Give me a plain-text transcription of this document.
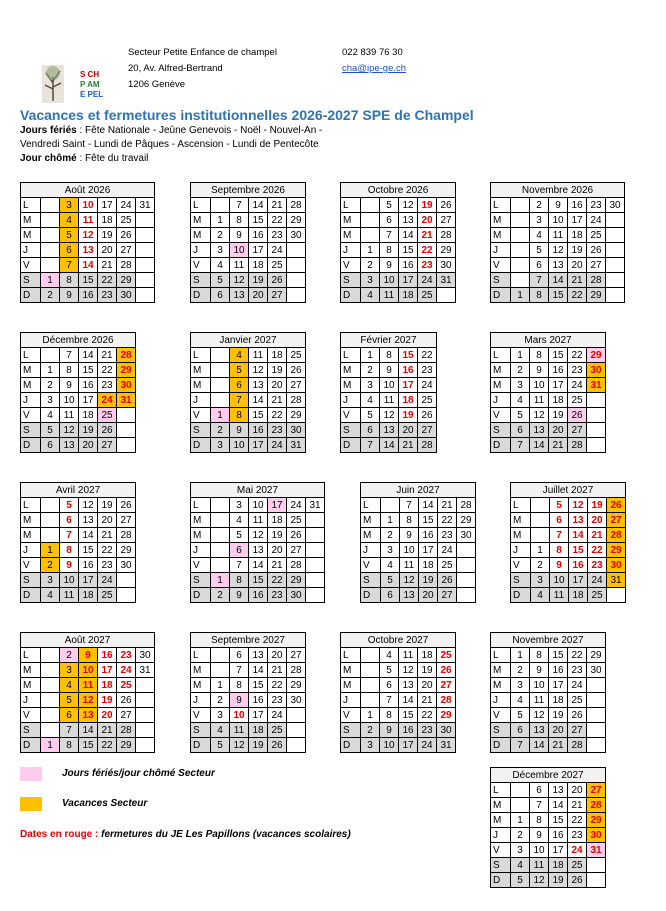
S CH
P AM
E PEL
Secteur Petite Enfance de champel
20, Av. Alfred-Bertrand
1206 Genève
022 839 76 30
cha@ipe-ge.ch
Vacances et fermetures institutionnelles 2026-2027 SPE de Champel
Jours fériés : Fête Nationale - Jeûne Genevois - Noël - Nouvel-An -
Vendredi Saint - Lundi de Pâques - Ascension - Lundi de Pentecôte
Jour chômé : Fête du travail
Août 2026						
L		3	10	17	24	31
M		4	11	18	25	
M		5	12	19	26	
J		6	13	20	27	
V		7	14	21	28	
S	1	8	15	22	29	
D	2	9	16	23	30	
Septembre 2026					
L		7	14	21	28
M	1	8	15	22	29
M	2	9	16	23	30
J	3	10	17	24	
V	4	11	18	25	
S	5	12	19	26	
D	6	13	20	27	
Octobre 2026					
L		5	12	19	26
M		6	13	20	27
M		7	14	21	28
J	1	8	15	22	29
V	2	9	16	23	30
S	3	10	17	24	31
D	4	11	18	25	
Novembre 2026						
L		2	9	16	23	30
M		3	10	17	24	
M		4	11	18	25	
J		5	12	19	26	
V		6	13	20	27	
S		7	14	21	28	
D	1	8	15	22	29	
Décembre 2026					
L		7	14	21	28
M	1	8	15	22	29
M	2	9	16	23	30
J	3	10	17	24	31
V	4	11	18	25	
S	5	12	19	26	
D	6	13	20	27	
Janvier 2027					
L		4	11	18	25
M		5	12	19	26
M		6	13	20	27
J		7	14	21	28
V	1	8	15	22	29
S	2	9	16	23	30
D	3	10	17	24	31
Février 2027				
L	1	8	15	22
M	2	9	16	23
M	3	10	17	24
J	4	11	18	25
V	5	12	19	26
S	6	13	20	27
D	7	14	21	28
Mars 2027					
L	1	8	15	22	29
M	2	9	16	23	30
M	3	10	17	24	31
J	4	11	18	25	
V	5	12	19	26	
S	6	13	20	27	
D	7	14	21	28	
Avril 2027					
L		5	12	19	26
M		6	13	20	27
M		7	14	21	28
J	1	8	15	22	29
V	2	9	16	23	30
S	3	10	17	24	
D	4	11	18	25	
Mai 2027						
L		3	10	17	24	31
M		4	11	18	25	
M		5	12	19	26	
J		6	13	20	27	
V		7	14	21	28	
S	1	8	15	22	29	
D	2	9	16	23	30	
Juin 2027					
L		7	14	21	28
M	1	8	15	22	29
M	2	9	16	23	30
J	3	10	17	24	
V	4	11	18	25	
S	5	12	19	26	
D	6	13	20	27	
Juillet 2027					
L		5	12	19	26
M		6	13	20	27
M		7	14	21	28
J	1	8	15	22	29
V	2	9	16	23	30
S	3	10	17	24	31
D	4	11	18	25	
Août 2027						
L		2	9	16	23	30
M		3	10	17	24	31
M		4	11	18	25	
J		5	12	19	26	
V		6	13	20	27	
S		7	14	21	28	
D	1	8	15	22	29	
Septembre 2027					
L		6	13	20	27
M		7	14	21	28
M	1	8	15	22	29
J	2	9	16	23	30
V	3	10	17	24	
S	4	11	18	25	
D	5	12	19	26	
Octobre 2027					
L		4	11	18	25
M		5	12	19	26
M		6	13	20	27
J		7	14	21	28
V	1	8	15	22	29
S	2	9	16	23	30
D	3	10	17	24	31
Novembre 2027					
L	1	8	15	22	29
M	2	9	16	23	30
M	3	10	17	24	
J	4	11	18	25	
V	5	12	19	26	
S	6	13	20	27	
D	7	14	21	28	
Décembre 2027					
L		6	13	20	27
M		7	14	21	28
M	1	8	15	22	29
J	2	9	16	23	30
V	3	10	17	24	31
S	4	11	18	25	
D	5	12	19	26	
Jours fériés/jour chômé Secteur
Vacances Secteur
Dates en rouge : fermetures du JE Les Papillons (vacances scolaires)
